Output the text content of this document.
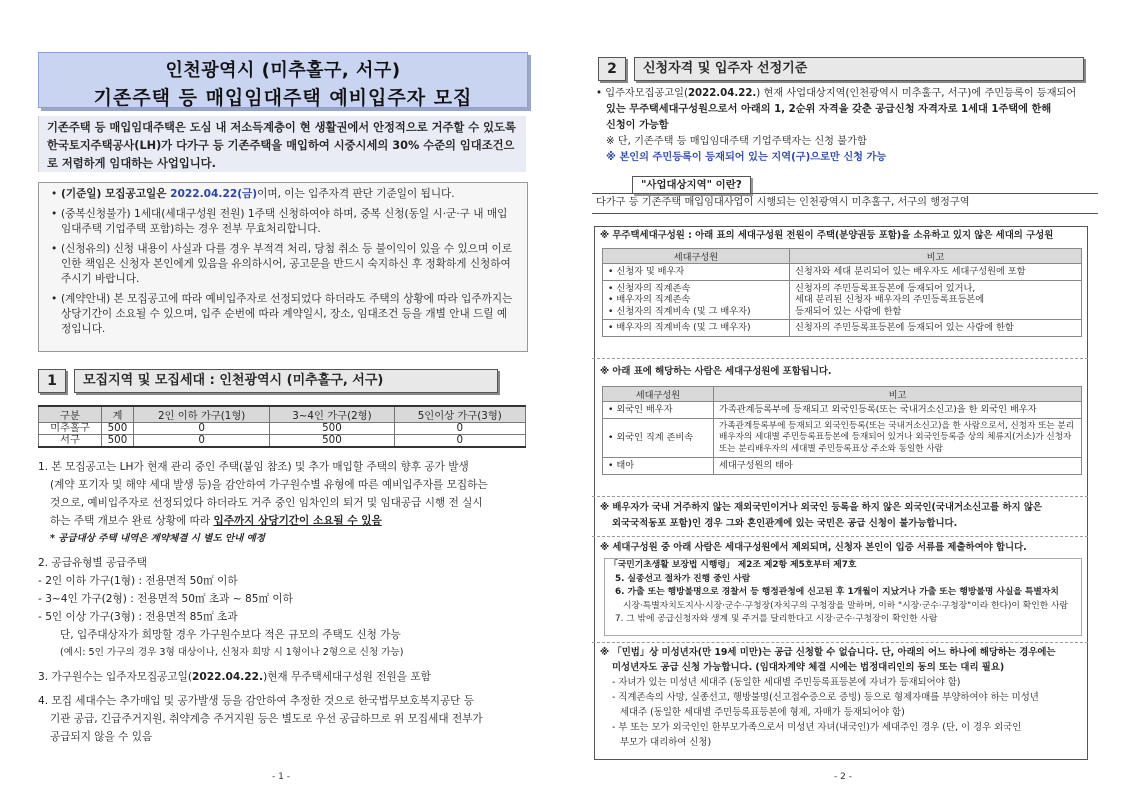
인천광역시 (미추홀구, 서구)
기존주택 등 매입임대주택 예비입주자 모집
기존주택 등 매입임대주택은 도심 내 저소득계층이 현 생활권에서 안정적으로 거주할 수 있도록 한국토지주택공사(LH)가 다가구 등 기존주택을 매입하여 시중시세의 30% 수준의 임대조건으로 저렴하게 임대하는 사업입니다.
• (기준일) 모집공고일은 2022.04.22(금)이며, 이는 입주자격 판단 기준일이 됩니다.
• (중복신청불가) 1세대(세대구성원 전원) 1주택 신청하여야 하며, 중복 신청(동일 시·군·구 내 매입임대주택 기업주택 포함)하는 경우 전부 무효처리합니다.
• (신청유의) 신청 내용이 사실과 다를 경우 부적격 처리, 당첨 취소 등 불이익이 있을 수 있으며 이로 인한 책임은 신청자 본인에게 있음을 유의하시어, 공고문을 반드시 숙지하신 후 정확하게 신청하여 주시기 바랍니다.
• (계약안내) 본 모집공고에 따라 예비입주자로 선정되었다 하더라도 주택의 상황에 따라 입주까지는 상당기간이 소요될 수 있으며, 입주 순번에 따라 계약일시, 장소, 임대조건 등을 개별 안내 드릴 예정입니다.
1	모집지역 및 모집세대 : 인천광역시 (미추홀구, 서구)
구분	계	2인 이하 가구(1형)	3~4인 가구(2형)	5인이상 가구(3형)
미추홀구	500	0	500	0
서구	500	0	500	0

1. 본 모집공고는 LH가 현재 관리 중인 주택(붙임 참조) 및 추가 매입할 주택의 향후 공가 발생

(계약 포기자 및 해약 세대 발생 등)을 감안하여 가구원수별 유형에 따른 예비입주자를 모집하는

것으로, 예비입주자로 선정되었다 하더라도 거주 중인 임차인의 퇴거 및 임대공급 시행 전 실시

하는 주택 개보수 완료 상황에 따라 입주까지 상당기간이 소요될 수 있음

* 공급대상 주택 내역은 계약체결 시 별도 안내 예정

2. 공급유형별 공급주택

- 2인 이하 가구(1형) : 전용면적 50㎡ 이하

- 3~4인 가구(2형) : 전용면적 50㎡ 초과 ~ 85㎡ 이하

- 5인 이상 가구(3형) : 전용면적 85㎡ 초과

단, 입주대상자가 희망할 경우 가구원수보다 적은 규모의 주택도 신청 가능

(예시: 5인 가구의 경우 3형 대상이나, 신청자 희망 시 1형이나 2형으로 신청 가능)

3. 가구원수는 입주자모집공고일(2022.04.22.)현재 무주택세대구성원 전원을 포함

4. 모집 세대수는 추가매입 및 공가발생 등을 감안하여 추정한 것으로 한국법무보호복지공단 등

기관 공급, 긴급주거지원, 취약계층 주거지원 등은 별도로 우선 공급하므로 위 모집세대 전부가

공급되지 않을 수 있음

- 1 -
2	신청자격 및 입주자 선정기준
• 입주자모집공고일(2022.04.22.) 현재 사업대상지역(인천광역시 미추홀구, 서구)에 주민등록이 등재되어
있는 무주택세대구성원으로서 아래의 1, 2순위 자격을 갖춘 공급신청 자격자로 1세대 1주택에 한해
신청이 가능함
※ 단, 기존주택 등 매입임대주택 기업주택자는 신청 불가함
※ 본인의 주민등록이 등재되어 있는 지역(구)으로만 신청 가능
"사업대상지역" 이란?
다가구 등 기존주택 매입임대사업이 시행되는 인천광역시 미추홀구, 서구의 행정구역
※ 무주택세대구성원 : 아래 표의 세대구성원 전원이 주택(분양권등 포함)을 소유하고 있지 않은 세대의 구성원
세대구성원	비고
• 신청자 및 배우자	신청자와 세대 분리되어 있는 배우자도 세대구성원에 포함
• 신청자의 직계존속
• 배우자의 직계존속
• 신청자의 직계비속 (및 그 배우자)	신청자의 주민등록표등본에 등재되어 있거나,
세대 분리된 신청자 배우자의 주민등록표등본에
등재되어 있는 사람에 한함
• 배우자의 직계비속 (및 그 배우자)	신청자의 주민등록표등본에 등재되어 있는 사람에 한함
※ 아래 표에 해당하는 사람은 세대구성원에 포함됩니다.
세대구성원	비고
• 외국인 배우자	가족관계등록부에 등재되고 외국인등록(또는 국내거소신고)을 한 외국인 배우자
• 외국인 직계 존비속	가족관계등록부에 등재되고 외국인등록(또는 국내거소신고)을 한 사람으로서, 신청자 또는 분리배우자의 세대별 주민등록표등본에 등재되어 있거나 외국인등록증 상의 체류지(거소)가 신청자 또는 분리배우자의 세대별 주민등록표상 주소와 동일한 사람
• 태아	세대구성원의 태아
※ 배우자가 국내 거주하지 않는 재외국민이거나 외국인 등록을 하지 않은 외국인(국내거소신고를 하지 않은
외국국적동포 포함)인 경우 그와 혼인관계에 있는 국민은 공급 신청이 불가능합니다.
※ 세대구성원 중 아래 사람은 세대구성원에서 제외되며, 신청자 본인이 입증 서류를 제출하여야 합니다.
「국민기초생활 보장법 시행령」 제2조 제2항 제5호부터 제7호
5. 실종선고 절차가 진행 중인 사람
6. 가출 또는 행방불명으로 경찰서 등 행정관청에 신고된 후 1개월이 지났거나 가출 또는 행방불명 사실을 특별자치
시장·특별자치도지사·시장·군수·구청장(자치구의 구청장을 말하며, 이하 "시장·군수·구청장"이라 한다)이 확인한 사람
7. 그 밖에 공급신청자와 생계 및 주거를 달리한다고 시장·군수·구청장이 확인한 사람
※ 「민법」상 미성년자(만 19세 미만)는 공급 신청할 수 없습니다. 단, 아래의 어느 하나에 해당하는 경우에는
미성년자도 공급 신청 가능합니다. (임대차계약 체결 시에는 법정대리인의 동의 또는 대리 필요)
- 자녀가 있는 미성년 세대주 (동일한 세대별 주민등록표등본에 자녀가 등재되어야 함)
- 직계존속의 사망, 실종선고, 행방불명(신고접수증으로 증빙) 등으로 형제자매를 부양하여야 하는 미성년
세대주 (동일한 세대별 주민등록표등본에 형제, 자매가 등재되어야 함)
- 부 또는 모가 외국인인 한부모가족으로서 미성년 자녀(내국인)가 세대주인 경우 (단, 이 경우 외국인
부모가 대리하여 신청)
- 2 -
